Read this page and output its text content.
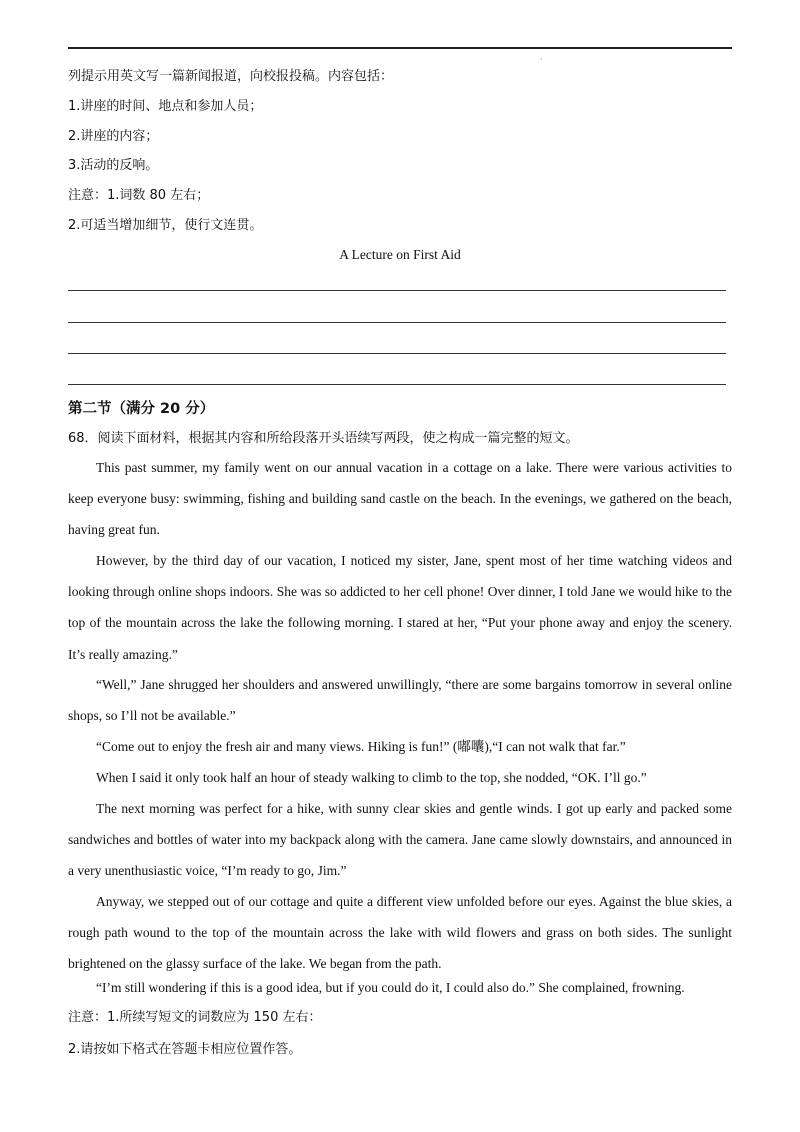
·
列提示用英文写一篇新闻报道，向校报投稿。内容包括：
1.讲座的时间、地点和参加人员；
2.讲座的内容；
3.活动的反响。
注意：1.词数 80 左右；
2.可适当增加细节，使行文连贯。
A Lecture on First Aid
第二节（满分 20 分）
68．阅读下面材料，根据其内容和所给段落开头语续写两段，使之构成一篇完整的短文。
This past summer, my family went on our annual vacation in a cottage on a lake. There were various activities to keep everyone busy: swimming, fishing and building sand castle on the beach. In the evenings, we gathered on the beach, having great fun.
However, by the third day of our vacation, I noticed my sister, Jane, spent most of her time watching videos and looking through online shops indoors. She was so addicted to her cell phone! Over dinner, I told Jane we would hike to the top of the mountain across the lake the following morning. I stared at her, “Put your phone away and enjoy the scenery. It’s really amazing.”
“Well,” Jane shrugged her shoulders and answered unwillingly, “there are some bargains tomorrow in several online shops, so I’ll not be available.”
“Come out to enjoy the fresh air and many views. Hiking is fun!” (嘟囔),“I can not walk that far.”
When I said it only took half an hour of steady walking to climb to the top, she nodded, “OK. I’ll go.”
The next morning was perfect for a hike, with sunny clear skies and gentle winds. I got up early and packed some sandwiches and bottles of water into my backpack along with the camera. Jane came slowly downstairs, and announced in a very unenthusiastic voice, “I’m ready to go, Jim.”
Anyway, we stepped out of our cottage and quite a different view unfolded before our eyes. Against the blue skies, a rough path wound to the top of the mountain across the lake with wild flowers and grass on both sides. The sunlight brightened on the glassy surface of the lake. We began from the path.
“I’m still wondering if this is a good idea, but if you could do it, I could also do.” She complained, frowning.
注意：1.所续写短文的词数应为 150 左右：
2.请按如下格式在答题卡相应位置作答。
